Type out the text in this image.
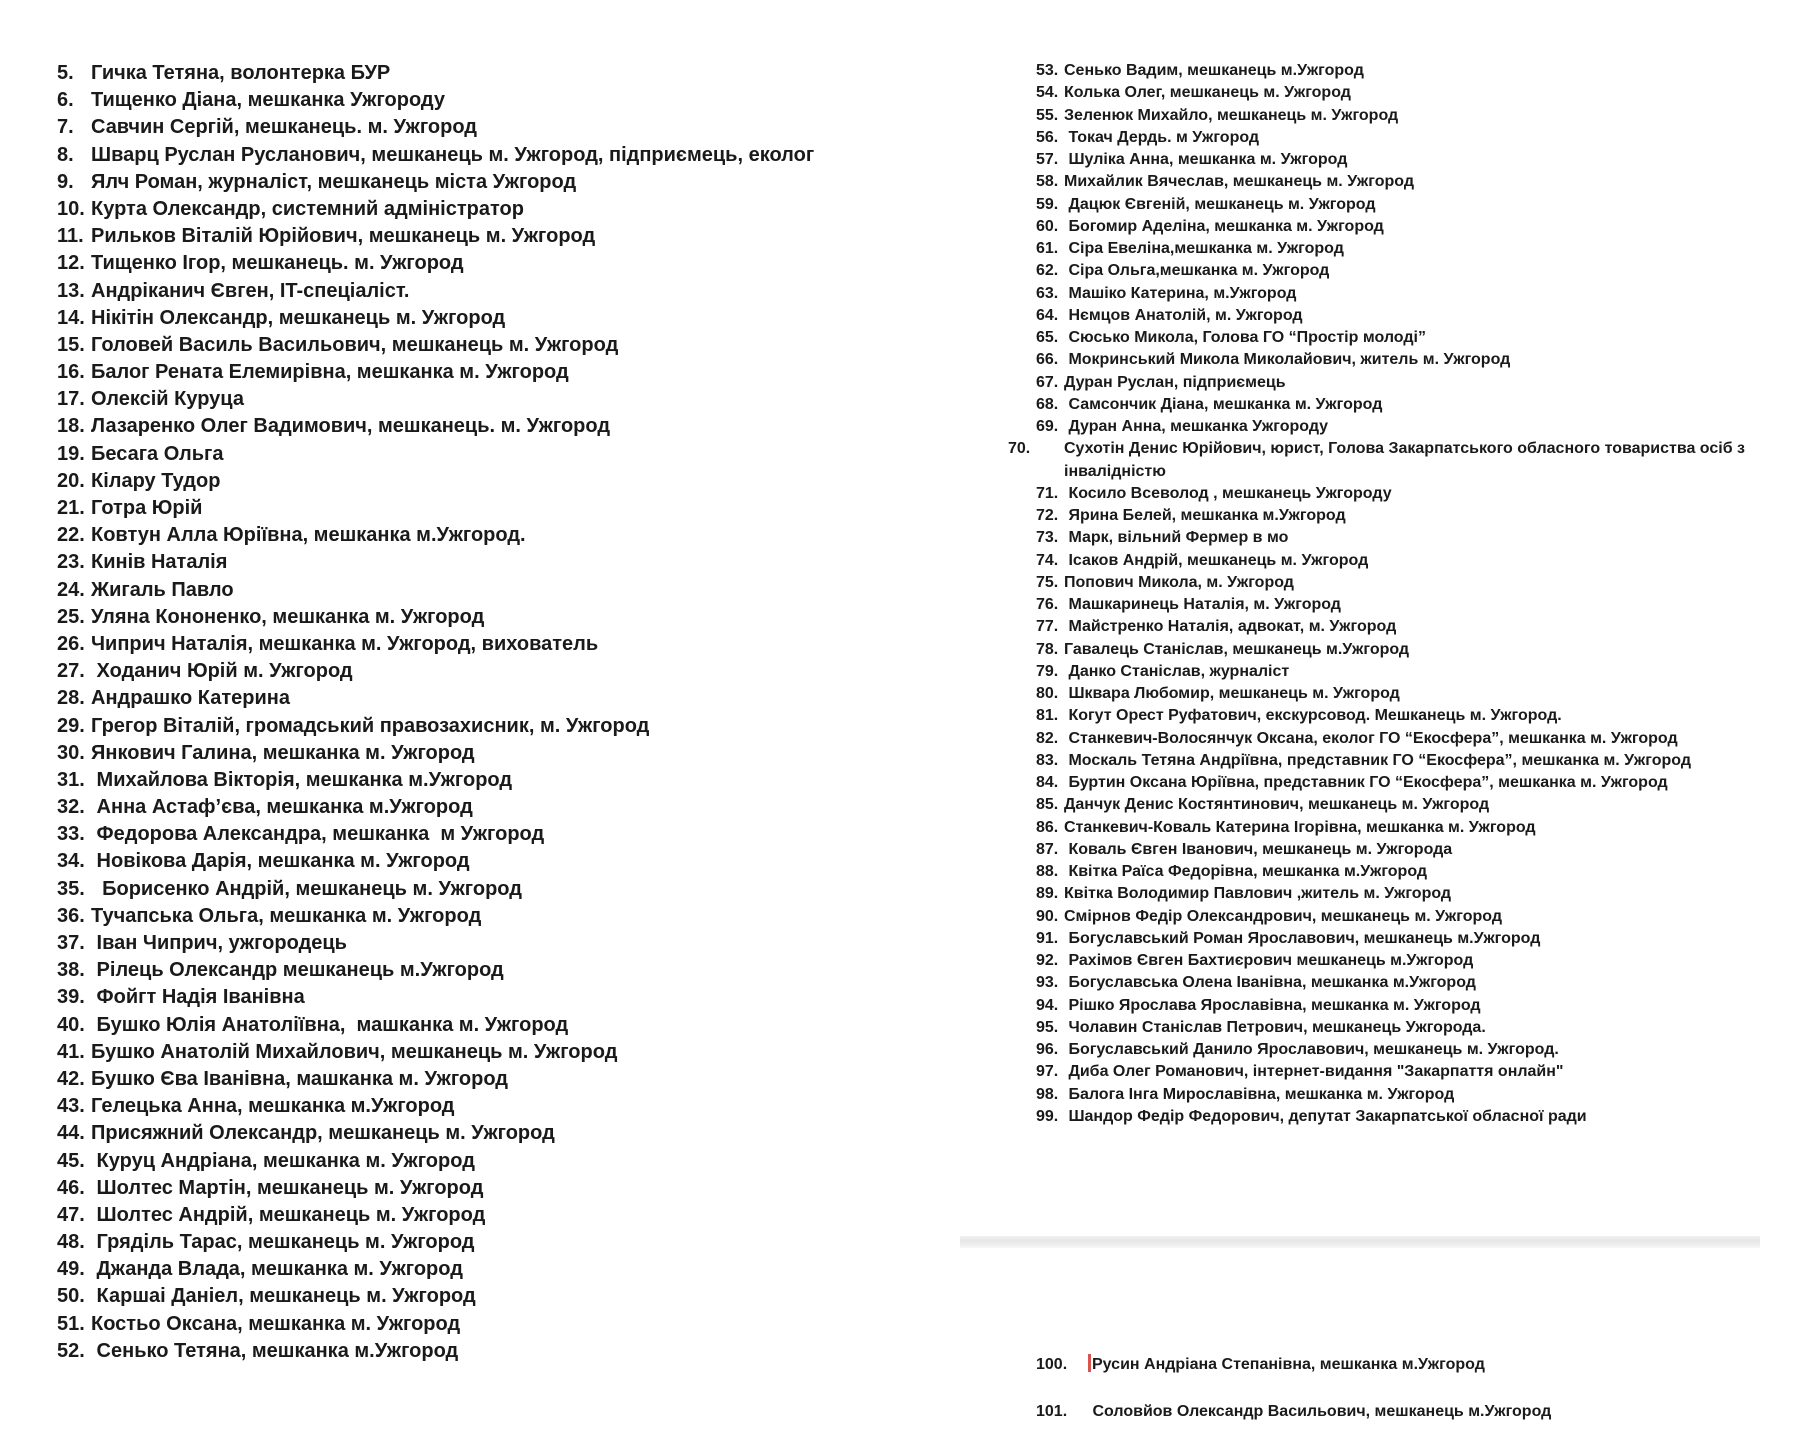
5. Гичка Тетяна, волонтерка БУР
6. Тищенко Діана, мешканка Ужгороду
7. Савчин Сергій, мешканець. м. Ужгород
8. Шварц Руслан Русланович, мешканець м. Ужгород, підприємець, еколог
9. Ялч Роман, журналіст, мешканець міста Ужгород
10. Курта Олександр, системний адміністратор
11. Рильков Віталій Юрійович, мешканець м. Ужгород
12. Тищенко Ігор, мешканець. м. Ужгород
13. Андріканич Євген, IT-спеціаліст.
14. Нікітін Олександр, мешканець м. Ужгород
15. Головей Василь Васильович, мешканець м. Ужгород
16. Балог Рената Елемирівна, мешканка м. Ужгород
17. Олексій Куруца
18. Лазаренко Олег Вадимович, мешканець. м. Ужгород
19. Бесага Ольга
20. Кілару Тудор
21. Готра Юрій
22. Ковтун Алла Юріївна, мешканка м.Ужгород.
23. Кинів Наталія
24. Жигаль Павло
25. Уляна Кононенко, мешканка м. Ужгород
26. Чиприч Наталія, мешканка м. Ужгород, вихователь
27. Ходанич Юрій м. Ужгород
28. Андрашко Катерина
29. Грегор Віталій, громадський правозахисник, м. Ужгород
30. Янкович Галина, мешканка м. Ужгород
31. Михайлова Вікторія, мешканка м.Ужгород
32. Анна Астаф’єва, мешканка м.Ужгород
33. Федорова Александра, мешканка  м Ужгород
34. Новікова Дарія, мешканка м. Ужгород
35.  Борисенко Андрій, мешканець м. Ужгород
36. Тучапська Ольга, мешканка м. Ужгород
37. Іван Чиприч, ужгородець
38. Рілець Олександр мешканець м.Ужгород
39. Фойгт Надія Іванівна
40. Бушко Юлія Анатоліївна,  машканка м. Ужгород
41. Бушко Анатолій Михайлович, мешканець м. Ужгород
42. Бушко Єва Іванівна, машканка м. Ужгород
43. Гелецька Анна, мешканка м.Ужгород
44. Присяжний Олександр, мешканець м. Ужгород
45. Куруц Андріана, мешканка м. Ужгород
46. Шолтес Мартін, мешканець м. Ужгород
47. Шолтес Андрій, мешканець м. Ужгород
48. Гряділь Тарас, мешканець м. Ужгород
49. Джанда Влада, мешканка м. Ужгород
50. Каршаі Даніел, мешканець м. Ужгород
51. Костьо Оксана, мешканка м. Ужгород
52. Сенько Тетяна, мешканка м.Ужгород
53. Сенько Вадим, мешканець м.Ужгород
54. Колька Олег, мешканець м. Ужгород
55. Зеленюк Михайло, мешканець м. Ужгород
56. Токач Дердь. м Ужгород
57. Шуліка Анна, мешканка м. Ужгород
58. Михайлик Вячеслав, мешканець м. Ужгород
59. Дацюк Євгеній, мешканець м. Ужгород
60. Богомир Аделіна, мешканка м. Ужгород
61. Сіра Евеліна,мешканка м. Ужгород
62. Сіра Ольга,мешканка м. Ужгород
63. Машіко Катерина, м.Ужгород
64. Нємцов Анатолій, м. Ужгород
65. Сюсько Микола, Голова ГО “Простір молоді”
66. Мокринський Микола Миколайович, житель м. Ужгород
67. Дуран Руслан, підприємець
68. Самсончик Діана, мешканка м. Ужгород
69. Дуран Анна, мешканка Ужгороду
70. Сухотін Денис Юрійович, юрист, Голова Закарпатського обласного товариства осіб з інвалідністю
71. Косило Всеволод , мешканець Ужгороду
72. Ярина Белей, мешканка м.Ужгород
73. Марк, вільний Фермер в мо
74. Ісаков Андрій, мешканець м. Ужгород
75. Попович Микола, м. Ужгород
76. Машкаринець Наталія, м. Ужгород
77. Майстренко Наталія, адвокат, м. Ужгород
78. Гавалець Станіслав, мешканець м.Ужгород
79. Данко Станіслав, журналіст
80. Шквара Любомир, мешканець м. Ужгород
81. Когут Орест Руфатович, екскурсовод. Мешканець м. Ужгород.
82. Станкевич-Волосянчук Оксана, еколог ГО “Екосфера”, мешканка м. Ужгород
83. Москаль Тетяна Андріївна, представник ГО “Екосфера”, мешканка м. Ужгород
84. Буртин Оксана Юріївна, представник ГО “Екосфера”, мешканка м. Ужгород
85. Данчук Денис Костянтинович, мешканець м. Ужгород
86. Станкевич-Коваль Катерина Ігорівна, мешканка м. Ужгород
87. Коваль Євген Іванович, мешканець м. Ужгорода
88. Квітка Раїса Федорівна, мешканка м.Ужгород
89. Квітка Володимир Павлович ,житель м. Ужгород
90. Смірнов Федір Олександрович, мешканець м. Ужгород
91. Богуславський Роман Ярославович, мешканець м.Ужгород
92. Рахімов Євген Бахтиєрович мешканець м.Ужгород
93. Богуславська Олена Іванівна, мешканка м.Ужгород
94. Рішко Ярослава Ярославівна, мешканка м. Ужгород
95. Чолавин Станіслав Петрович, мешканець Ужгорода.
96. Богуславський Данило Ярославович, мешканець м. Ужгород.
97. Диба Олег Романович, інтернет-видання "Закарпаття онлайн"
98. Балога Інга Мирославівна, мешканка м. Ужгород
99. Шандор Федір Федорович, депутат Закарпатської обласної ради
100. Русин Андріана Степанівна, мешканка м.Ужгород
101. Соловйов Олександр Васильович, мешканець м.Ужгород
